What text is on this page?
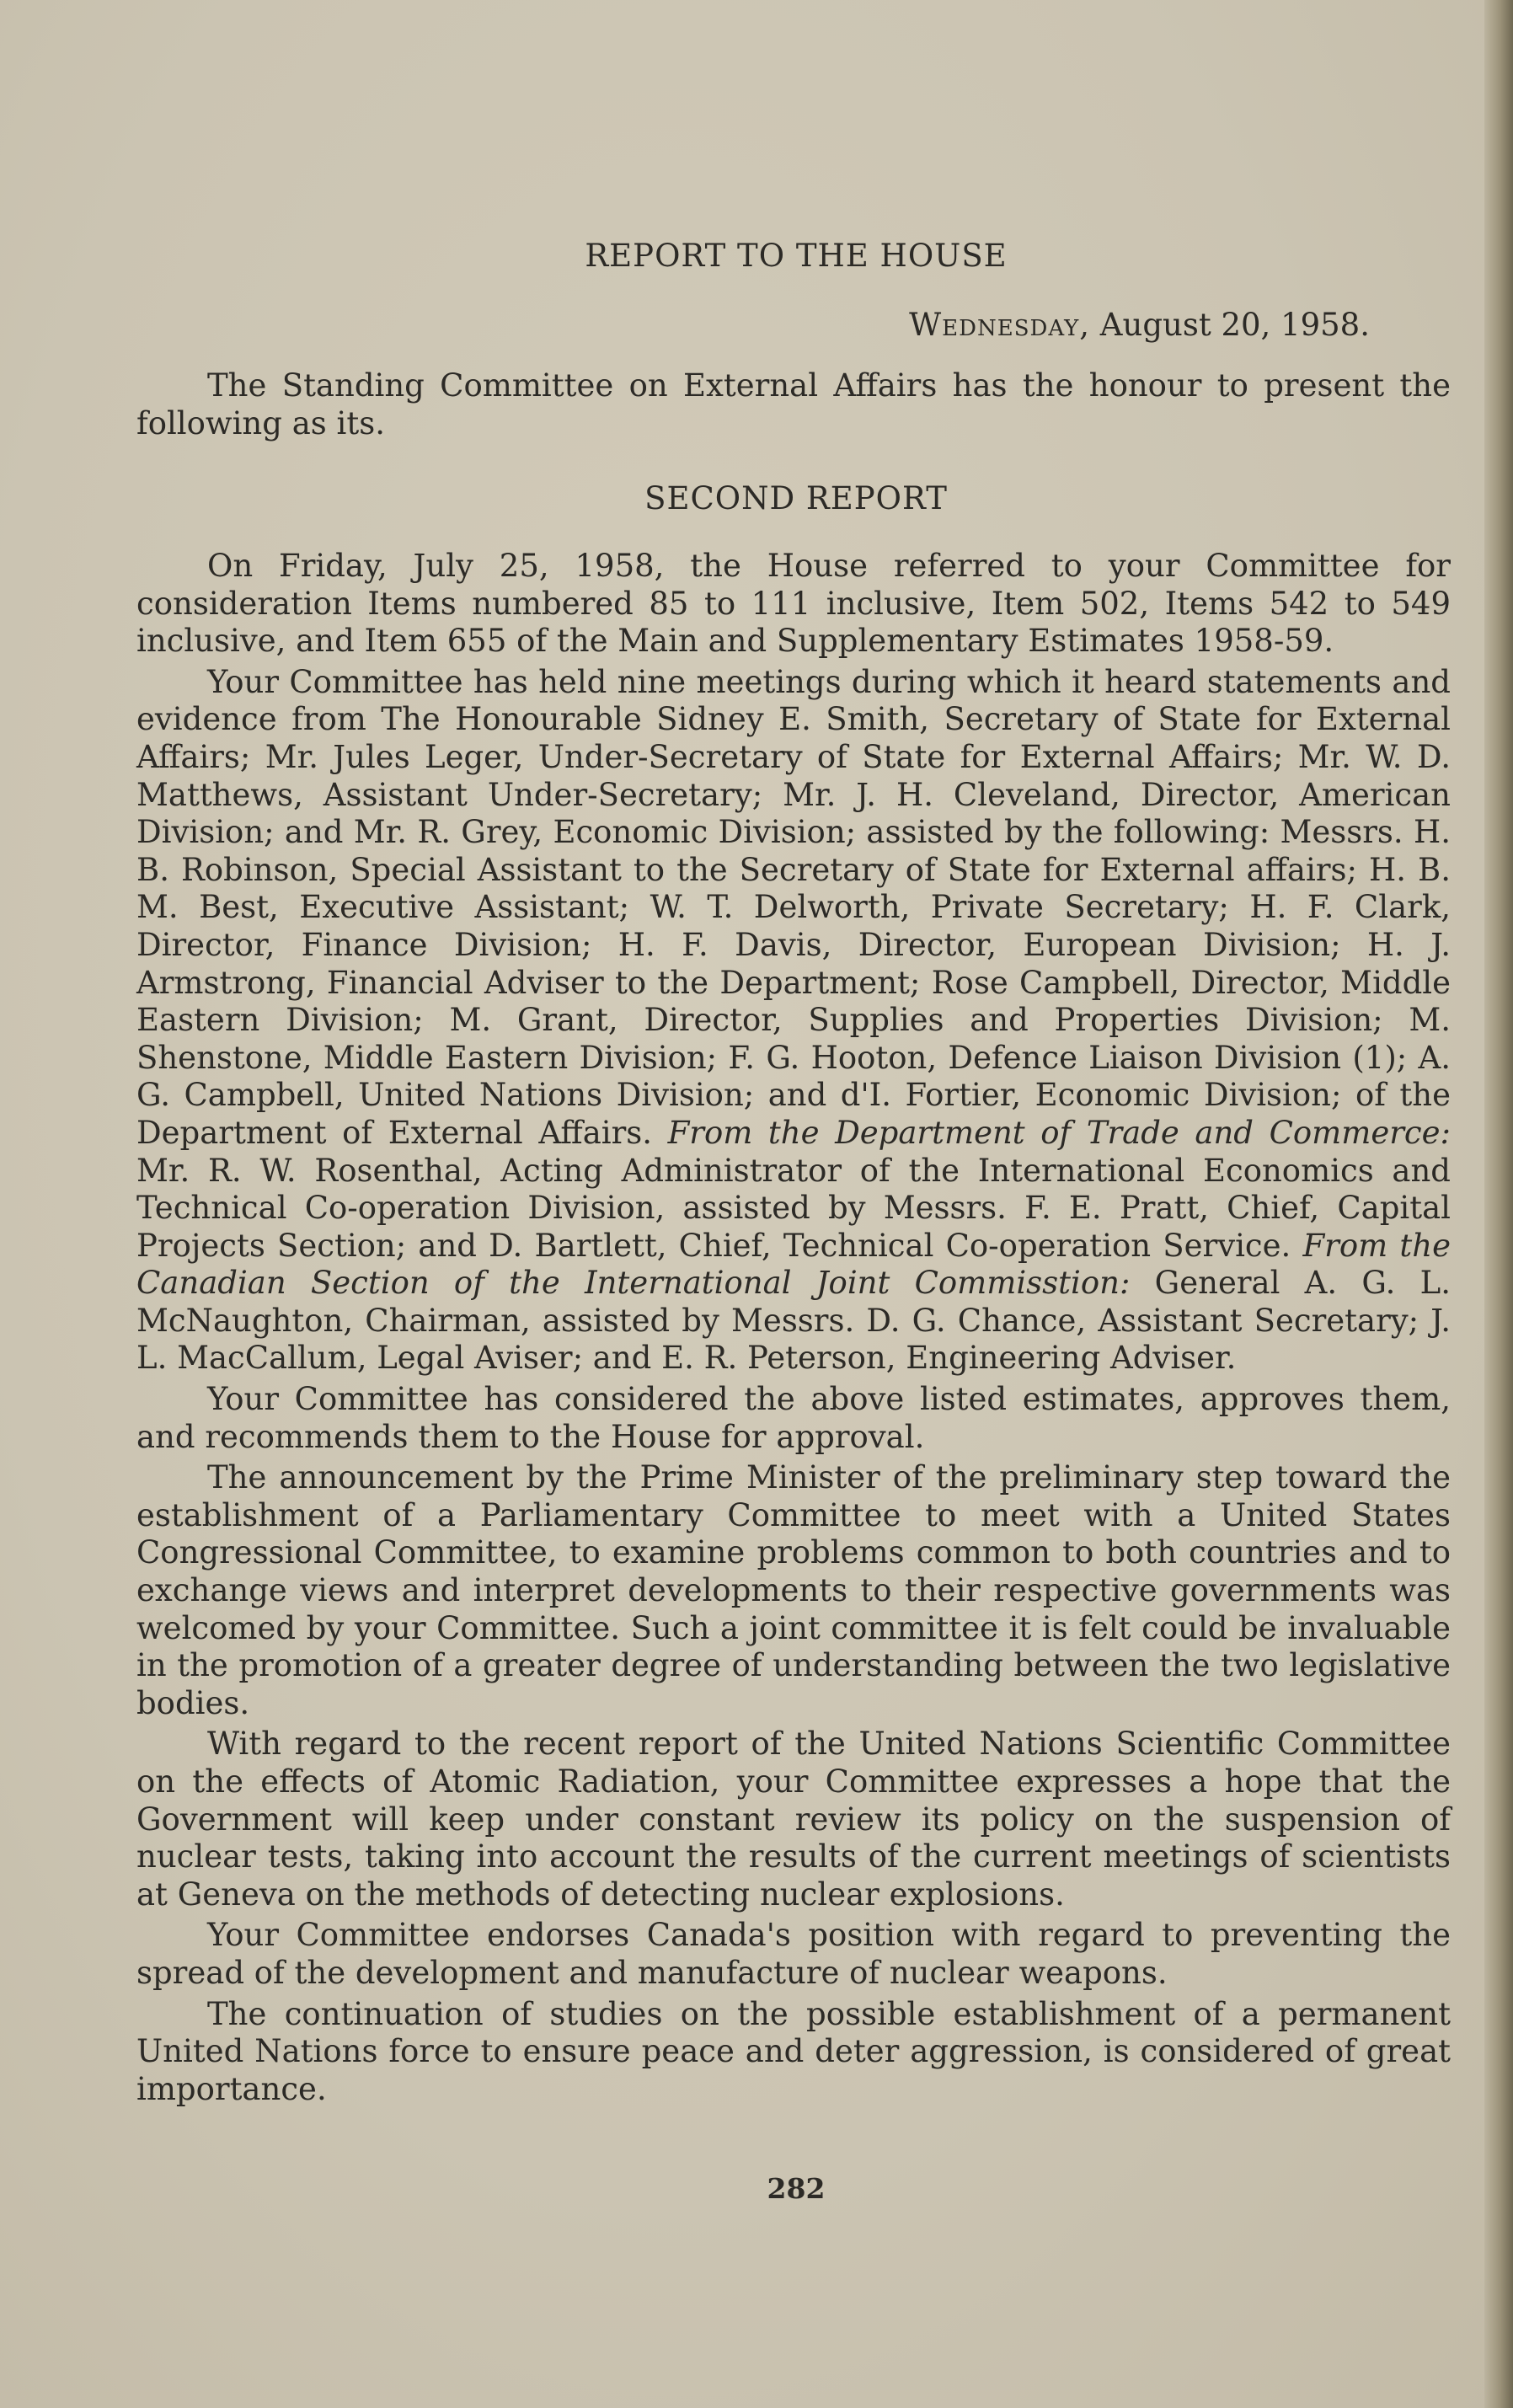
REPORT TO THE HOUSE

Wednesday, August 20, 1958.

The Standing Committee on External Affairs has the honour to present the following as its.

SECOND REPORT

On Friday, July 25, 1958, the House referred to your Committee for consideration Items numbered 85 to 111 inclusive, Item 502, Items 542 to 549 inclusive, and Item 655 of the Main and Supplementary Estimates 1958-59.

Your Committee has held nine meetings during which it heard statements and evidence from The Honourable Sidney E. Smith, Secretary of State for External Affairs; Mr. Jules Leger, Under-Secretary of State for External Affairs; Mr. W. D. Matthews, Assistant Under-Secretary; Mr. J. H. Cleveland, Director, American Division; and Mr. R. Grey, Economic Division; assisted by the following: Messrs. H. B. Robinson, Special Assistant to the Secretary of State for External affairs; H. B. M. Best, Executive Assistant; W. T. Delworth, Private Secretary; H. F. Clark, Director, Finance Division; H. F. Davis, Director, European Division; H. J. Armstrong, Financial Adviser to the Department; Rose Campbell, Director, Middle Eastern Division; M. Grant, Director, Supplies and Properties Division; M. Shenstone, Middle Eastern Division; F. G. Hooton, Defence Liaison Division (1); A. G. Campbell, United Nations Division; and d'I. Fortier, Economic Division; of the Department of External Affairs. From the Department of Trade and Commerce: Mr. R. W. Rosenthal, Acting Administrator of the International Economics and Technical Co-operation Division, assisted by Messrs. F. E. Pratt, Chief, Capital Projects Section; and D. Bartlett, Chief, Technical Co-operation Service. From the Canadian Section of the International Joint Commisstion: General A. G. L. McNaughton, Chairman, assisted by Messrs. D. G. Chance, Assistant Secretary; J. L. MacCallum, Legal Aviser; and E. R. Peterson, Engineering Adviser.

Your Committee has considered the above listed estimates, approves them, and recommends them to the House for approval.

The announcement by the Prime Minister of the preliminary step toward the establishment of a Parliamentary Committee to meet with a United States Congressional Committee, to examine problems common to both countries and to exchange views and interpret developments to their respective governments was welcomed by your Committee. Such a joint committee it is felt could be invaluable in the promotion of a greater degree of understanding between the two legislative bodies.

With regard to the recent report of the United Nations Scientific Committee on the effects of Atomic Radiation, your Committee expresses a hope that the Government will keep under constant review its policy on the suspension of nuclear tests, taking into account the results of the current meetings of scientists at Geneva on the methods of detecting nuclear explosions.

Your Committee endorses Canada's position with regard to preventing the spread of the development and manufacture of nuclear weapons.

The continuation of studies on the possible establishment of a permanent United Nations force to ensure peace and deter aggression, is considered of great importance.

282
